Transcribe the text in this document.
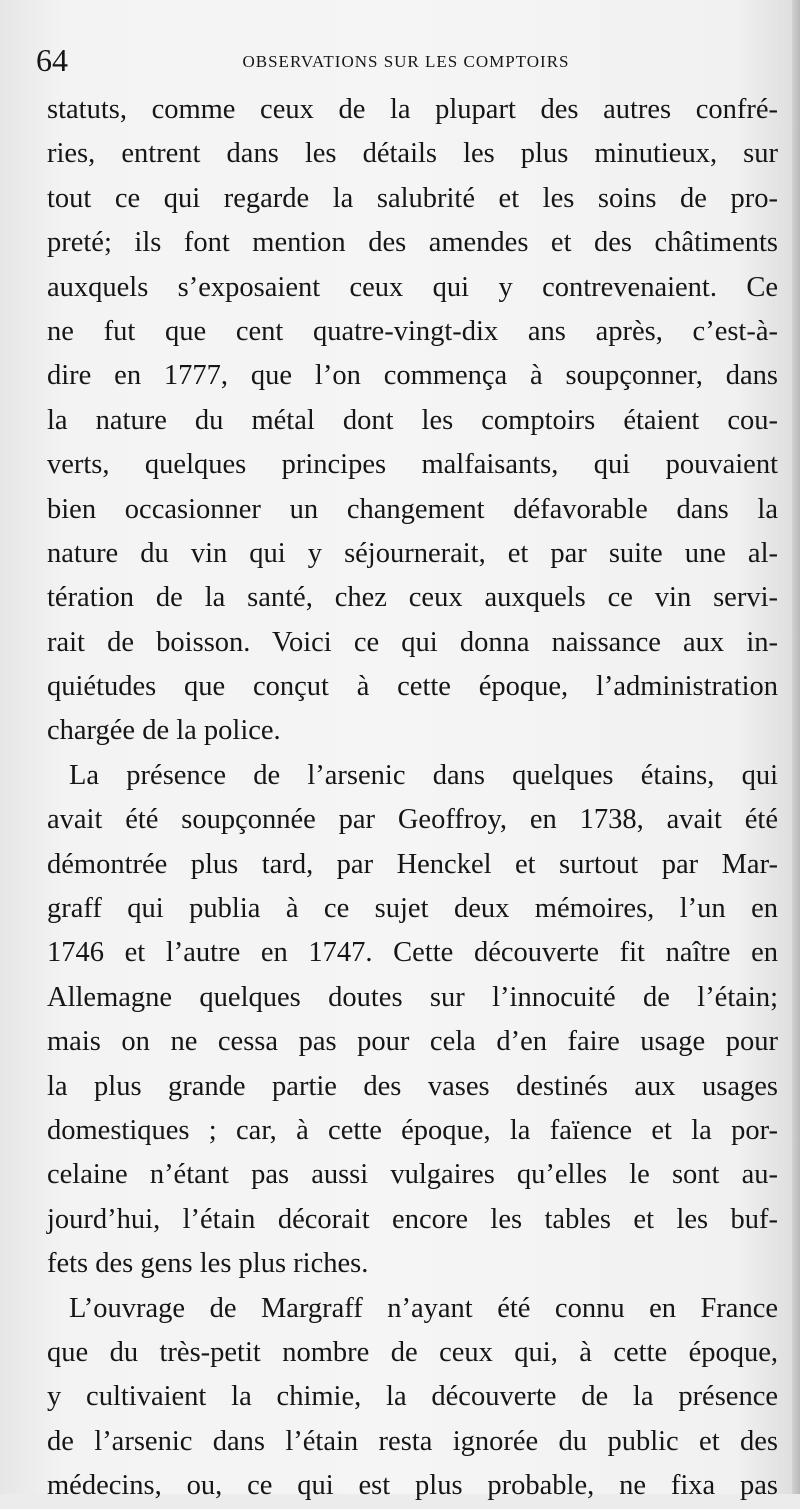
64	OBSERVATIONS SUR LES COMPTOIRS
statuts, comme ceux de la plupart des autres confré-
ries, entrent dans les détails les plus minutieux, sur
tout ce qui regarde la salubrité et les soins de pro-
preté; ils font mention des amendes et des châtiments
auxquels s’exposaient ceux qui y contrevenaient. Ce
ne fut que cent quatre-vingt-dix ans après, c’est-à-
dire en 1777, que l’on commença à soupçonner, dans
la nature du métal dont les comptoirs étaient cou-
verts, quelques principes malfaisants, qui pouvaient
bien occasionner un changement défavorable dans la
nature du vin qui y séjournerait, et par suite une al-
tération de la santé, chez ceux auxquels ce vin servi-
rait de boisson. Voici ce qui donna naissance aux in-
quiétudes que conçut à cette époque, l’administration
chargée de la police.
La présence de l’arsenic dans quelques étains, qui
avait été soupçonnée par Geoffroy, en 1738, avait été
démontrée plus tard, par Henckel et surtout par Mar-
graff qui publia à ce sujet deux mémoires, l’un en
1746 et l’autre en 1747. Cette découverte fit naître en
Allemagne quelques doutes sur l’innocuité de l’étain;
mais on ne cessa pas pour cela d’en faire usage pour
la plus grande partie des vases destinés aux usages
domestiques ; car, à cette époque, la faïence et la por-
celaine n’étant pas aussi vulgaires qu’elles le sont au-
jourd’hui, l’étain décorait encore les tables et les buf-
fets des gens les plus riches.
L’ouvrage de Margraff n’ayant été connu en France
que du très-petit nombre de ceux qui, à cette époque,
y cultivaient la chimie, la découverte de la présence
de l’arsenic dans l’étain resta ignorée du public et des
médecins, ou, ce qui est plus probable, ne fixa pas
